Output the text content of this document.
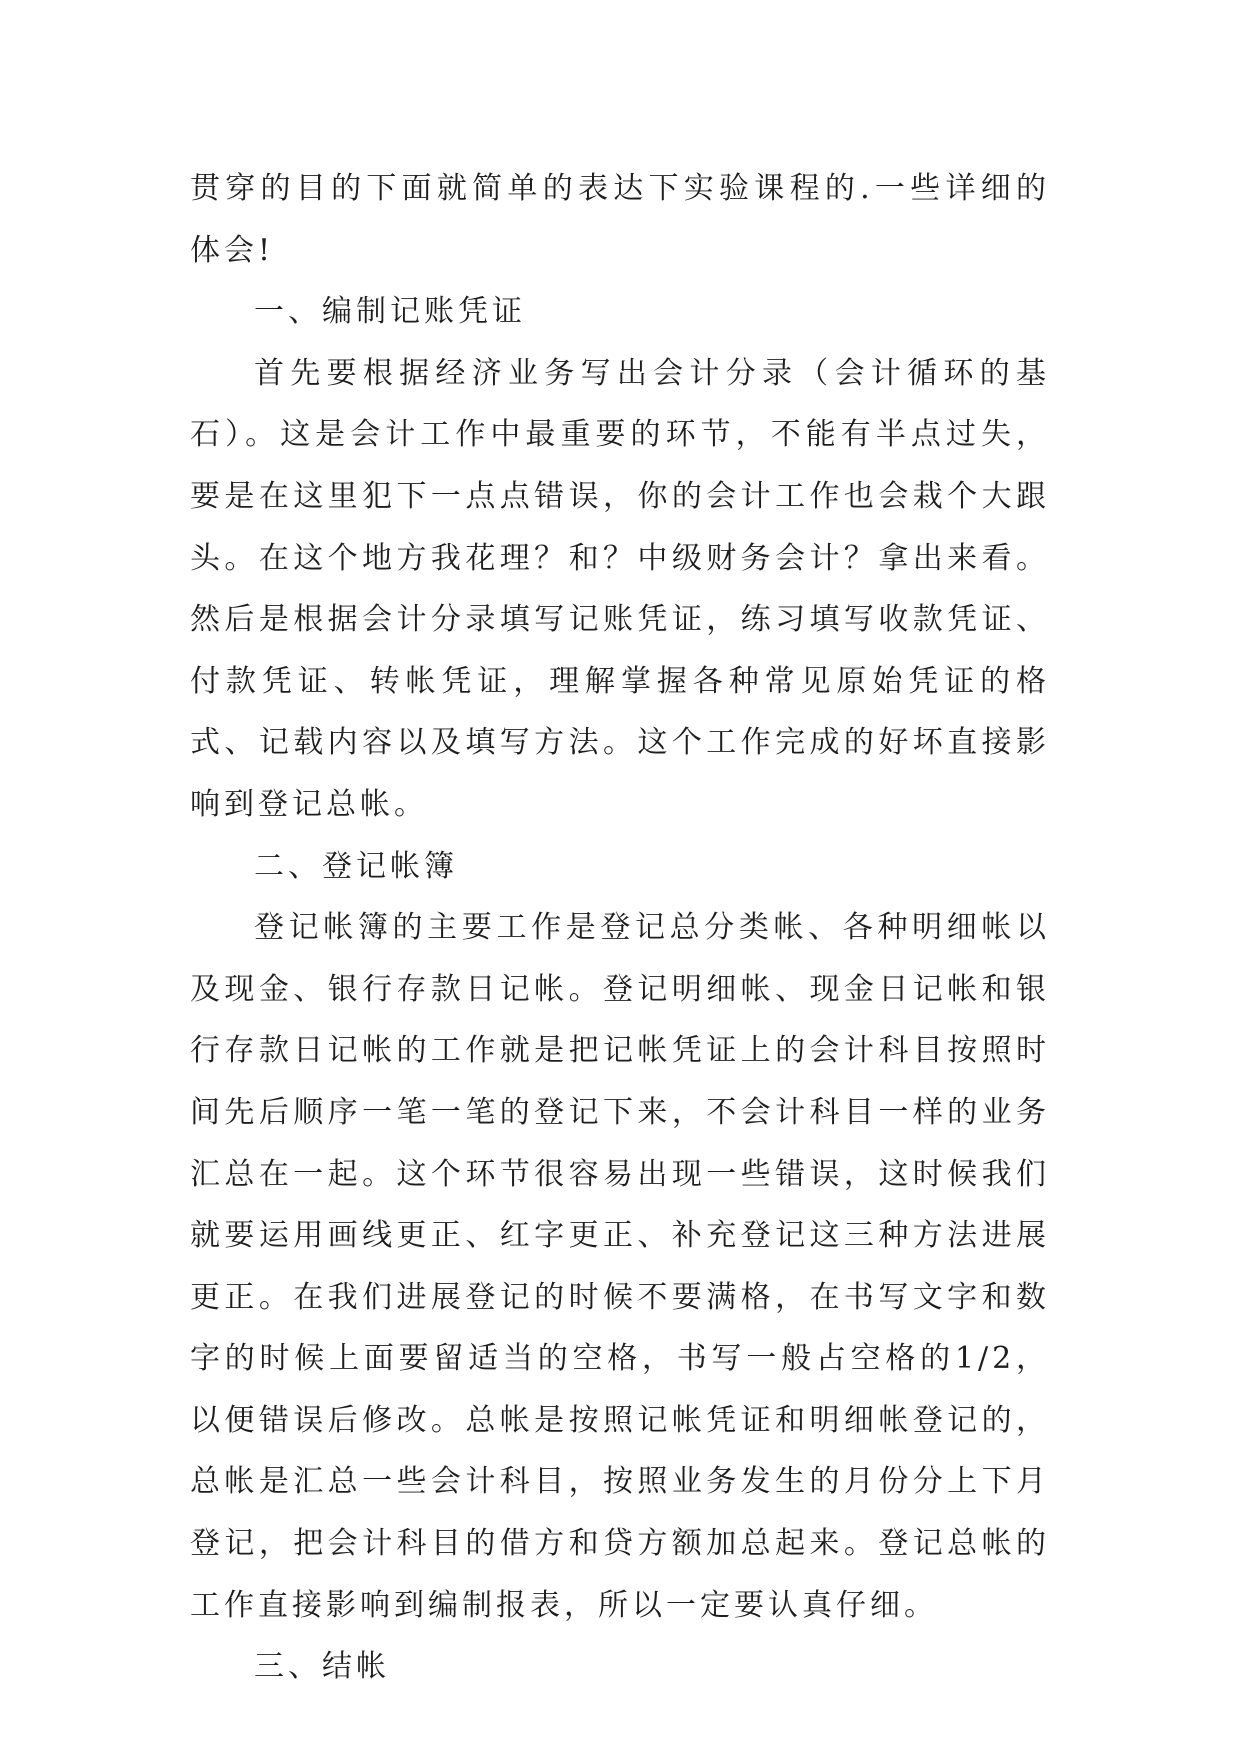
贯穿的目的下面就简单的表达下实验课程的.一些详细的体会!

一、编制记账凭证

首先要根据经济业务写出会计分录（会计循环的基石）。这是会计工作中最重要的环节，不能有半点过失，要是在这里犯下一点点错误，你的会计工作也会栽个大跟头。在这个地方我花理？和？中级财务会计？拿出来看。然后是根据会计分录填写记账凭证，练习填写收款凭证、付款凭证、转帐凭证，理解掌握各种常见原始凭证的格式、记载内容以及填写方法。这个工作完成的好坏直接影响到登记总帐。

二、登记帐簿

登记帐簿的主要工作是登记总分类帐、各种明细帐以及现金、银行存款日记帐。登记明细帐、现金日记帐和银行存款日记帐的工作就是把记帐凭证上的会计科目按照时间先后顺序一笔一笔的登记下来，不会计科目一样的业务汇总在一起。这个环节很容易出现一些错误，这时候我们就要运用画线更正、红字更正、补充登记这三种方法进展更正。在我们进展登记的时候不要满格，在书写文字和数字的时候上面要留适当的空格，书写一般占空格的1/2，以便错误后修改。总帐是按照记帐凭证和明细帐登记的，总帐是汇总一些会计科目，按照业务发生的月份分上下月登记，把会计科目的借方和贷方额加总起来。登记总帐的工作直接影响到编制报表，所以一定要认真仔细。

三、结帐
